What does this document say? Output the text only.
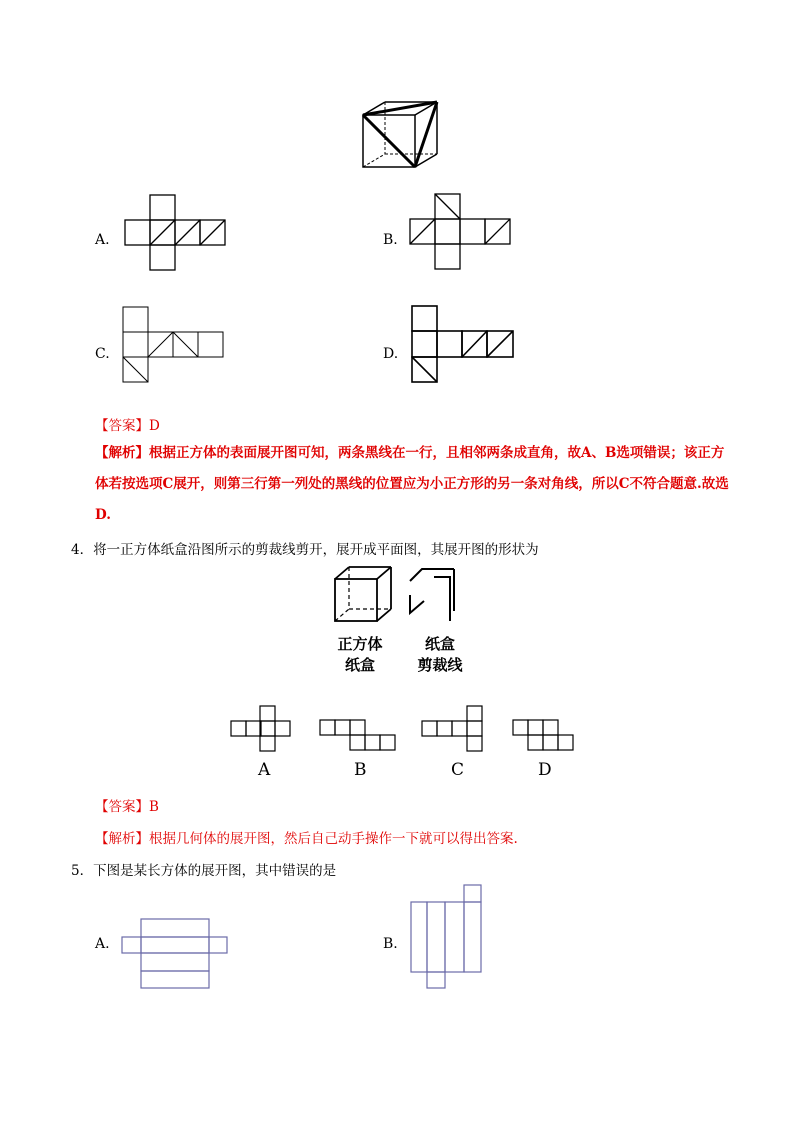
A.	B.
C.	D.
【答案】D
【解析】根据正方体的表面展开图可知，两条黑线在一行，且相邻两条成直角，故A、B选项错误；该正方体若按选项C展开，则第三行第一列处的黑线的位置应为小正方形的另一条对角线，所以C不符合题意.故选D.
4．将一正方体纸盒沿图所示的剪裁线剪开，展开成平面图，其展开图的形状为
正方体
纸盒
纸盒
剪裁线
A	B	C	D
【答案】B
【解析】根据几何体的展开图，然后自己动手操作一下就可以得出答案.
5．下图是某长方体的展开图，其中错误的是
A.	B.
